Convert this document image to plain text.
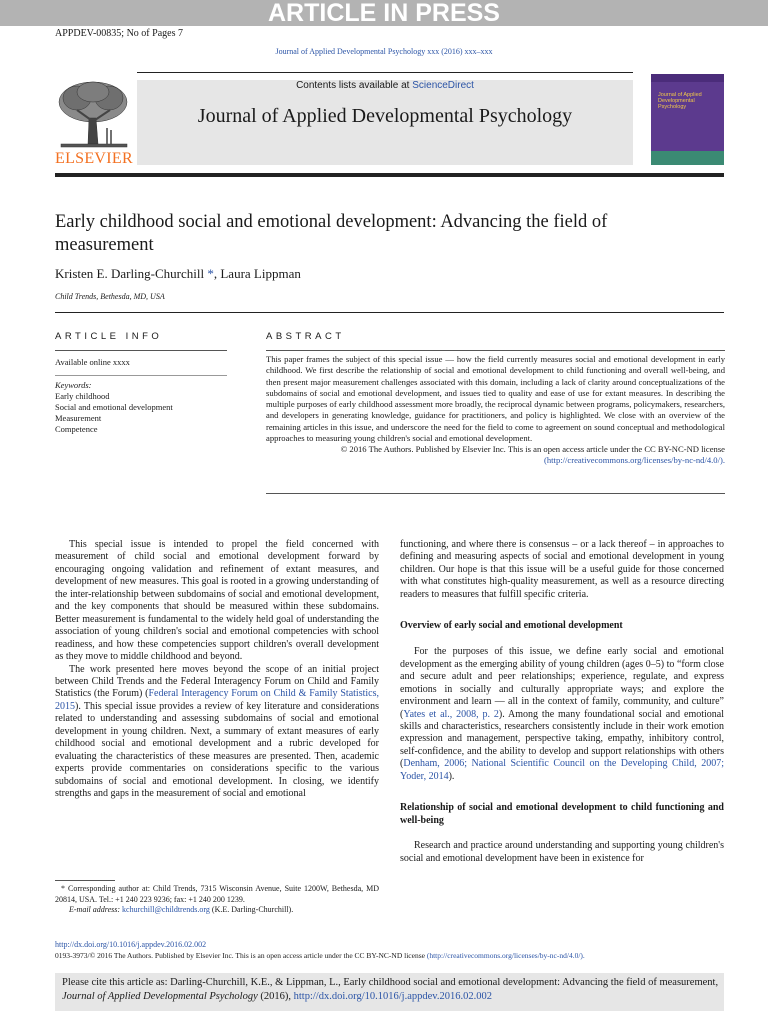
ARTICLE IN PRESS
APPDEV-00835; No of Pages 7
Journal of Applied Developmental Psychology xxx (2016) xxx–xxx
ELSEVIER
Contents lists available at ScienceDirect
Journal of Applied Developmental Psychology
Journal of Applied Developmental Psychology
Early childhood social and emotional development: Advancing the field of measurement
Kristen E. Darling-Churchill *, Laura Lippman
Child Trends, Bethesda, MD, USA
ARTICLE INFO
Available online xxxx
Keywords:
Early childhood
Social and emotional development
Measurement
Competence
ABSTRACT
This paper frames the subject of this special issue — how the field currently measures social and emotional development in early childhood. We first describe the relationship of social and emotional development to child functioning and overall well-being, and then present major measurement challenges associated with this domain, including a lack of clarity around conceptualizations of the subdomains of social and emotional development, and issues tied to quality and ease of use for extant measures. In describing the multiple purposes of early childhood assessment more broadly, the reciprocal dynamic between programs, policymakers, researchers, and developers in generating knowledge, guidance for practitioners, and policy is highlighted. We close with an overview of the remaining articles in this issue, and underscore the need for the field to come to agreement on sound conceptual and methodological approaches to measuring young children's social and emotional development.
© 2016 The Authors. Published by Elsevier Inc. This is an open access article under the CC BY-NC-ND license
(http://creativecommons.org/licenses/by-nc-nd/4.0/).

This special issue is intended to propel the field concerned with measurement of child social and emotional development forward by encouraging ongoing validation and refinement of extant measures, and development of new measures. This goal is rooted in a growing understanding of the inter-relationship between subdomains of social and emotional development, and the key components that should be measured within these subdomains. Better measurement is fundamental to the widely held goal of understanding the association of young children's social and emotional competencies with school readiness, and how these competencies support children's overall development as they move to middle childhood and beyond.

The work presented here moves beyond the scope of an initial project between Child Trends and the Federal Interagency Forum on Child and Family Statistics (the Forum) (Federal Interagency Forum on Child & Family Statistics, 2015). This special issue provides a review of key literature and considerations related to understanding and assessing subdomains of social and emotional development in young children. Next, a summary of extant measures of early childhood social and emotional development and a rubric developed for evaluating the characteristics of these measures are presented. Then, academic experts provide commentaries on considerations specific to the various subdomains of social and emotional development. In closing, we identify strengths and gaps in the measurement of social and emotional

* Corresponding author at: Child Trends, 7315 Wisconsin Avenue, Suite 1200W, Bethesda, MD 20814, USA. Tel.: +1 240 223 9236; fax: +1 240 200 1239.
E-mail address: kchurchill@childtrends.org (K.E. Darling-Churchill).

functioning, and where there is consensus – or a lack thereof – in approaches to defining and measuring aspects of social and emotional development in young children. Our hope is that this issue will be a useful guide for those concerned with what constitutes high-quality measurement, as well as a resource directing readers to measures that fulfill specific criteria.

Overview of early social and emotional development

For the purposes of this issue, we define early social and emotional development as the emerging ability of young children (ages 0–5) to “form close and secure adult and peer relationships; experience, regulate, and express emotions in socially and culturally appropriate ways; and explore the environment and learn — all in the context of family, community, and culture” (Yates et al., 2008, p. 2). Among the many foundational social and emotional skills and characteristics, researchers consistently include in their work emotion expression and management, perspective taking, empathy, inhibitory control, self-confidence, and the ability to develop and support relationships with others (Denham, 2006; National Scientific Council on the Developing Child, 2007; Yoder, 2014).

Relationship of social and emotional development to child functioning and well-being

Research and practice around understanding and supporting young children's social and emotional development have been in existence for

http://dx.doi.org/10.1016/j.appdev.2016.02.002
0193-3973/© 2016 The Authors. Published by Elsevier Inc. This is an open access article under the CC BY-NC-ND license (http://creativecommons.org/licenses/by-nc-nd/4.0/).
Please cite this article as: Darling-Churchill, K.E., & Lippman, L., Early childhood social and emotional development: Advancing the field of measurement, Journal of Applied Developmental Psychology (2016), http://dx.doi.org/10.1016/j.appdev.2016.02.002
